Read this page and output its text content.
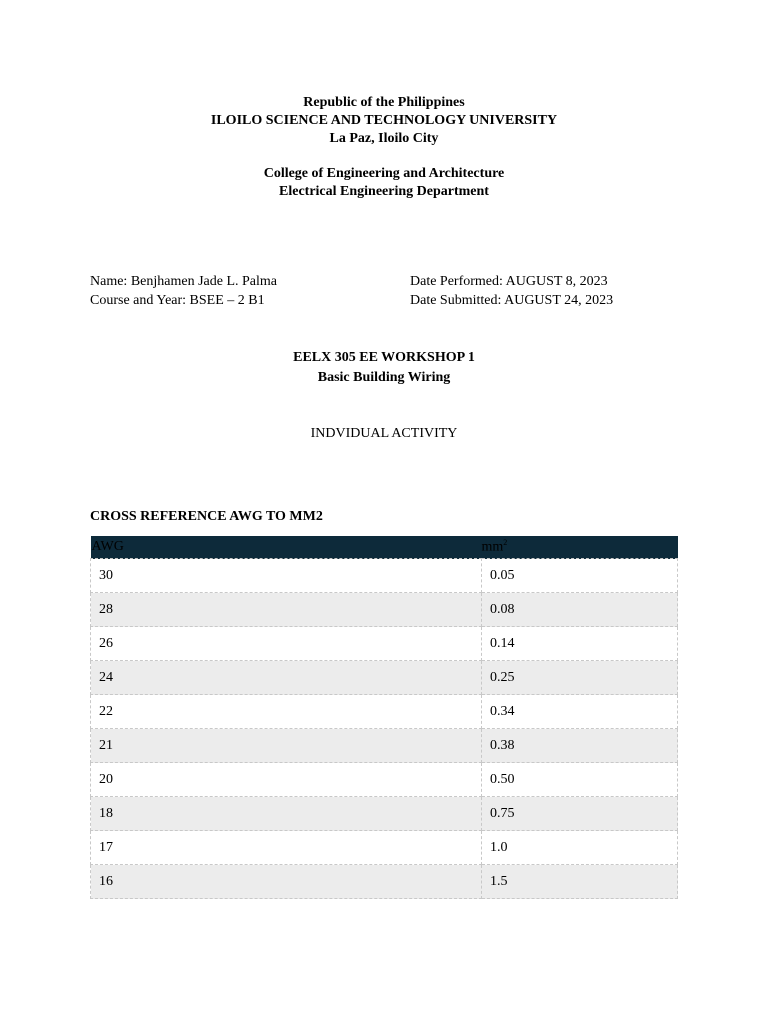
Republic of the Philippines
ILOILO SCIENCE AND TECHNOLOGY UNIVERSITY
La Paz, Iloilo City
College of Engineering and Architecture
Electrical Engineering Department
Name: Benjhamen Jade L. Palma
Course and Year: BSEE – 2 B1
Date Performed: AUGUST 8, 2023
Date Submitted: AUGUST 24, 2023
EELX 305 EE WORKSHOP 1
Basic Building Wiring
INDVIDUAL ACTIVITY
CROSS REFERENCE AWG TO MM2
AWG	$mm^2$
30	0.05
28	0.08
26	0.14
24	0.25
22	0.34
21	0.38
20	0.50
18	0.75
17	1.0
16	1.5
